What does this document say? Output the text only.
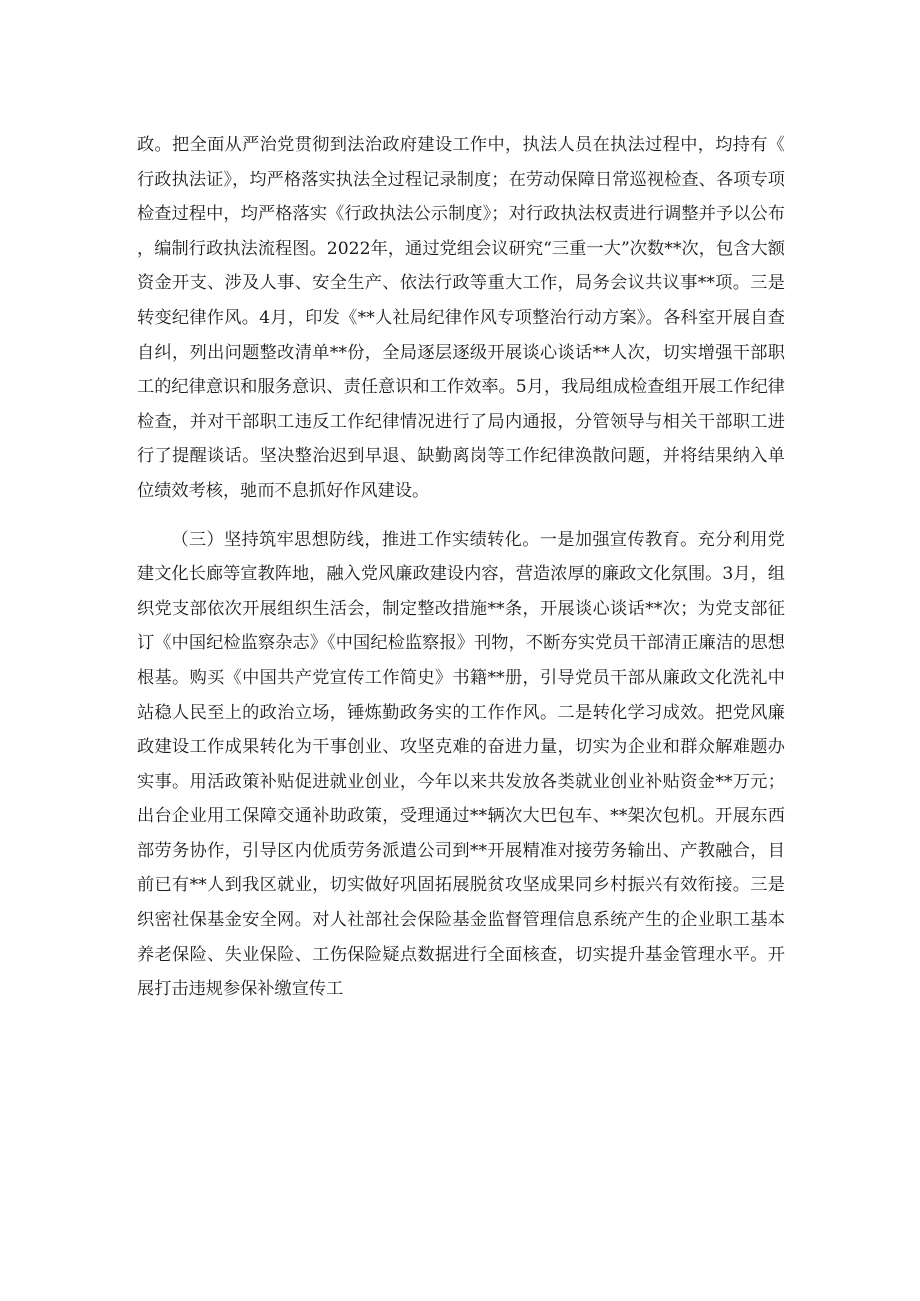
政。把全面从严治党贯彻到法治政府建设工作中，执法人员在执法过程中，均持有《行政执法证》，均严格落实执法全过程记录制度；在劳动保障日常巡视检查、各项专项检查过程中，均严格落实《行政执法公示制度》；对行政执法权责进行调整并予以公布，编制行政执法流程图。2022年，通过党组会议研究“三重一大”次数**次，包含大额资金开支、涉及人事、安全生产、依法行政等重大工作，局务会议共议事**项。三是转变纪律作风。4月，印发《**人社局纪律作风专项整治行动方案》。各科室开展自查自纠，列出问题整改清单**份，全局逐层逐级开展谈心谈话**人次，切实增强干部职工的纪律意识和服务意识、责任意识和工作效率。5月，我局组成检查组开展工作纪律检查，并对干部职工违反工作纪律情况进行了局内通报，分管领导与相关干部职工进行了提醒谈话。坚决整治迟到早退、缺勤离岗等工作纪律涣散问题，并将结果纳入单位绩效考核，驰而不息抓好作风建设。

（三）坚持筑牢思想防线，推进工作实绩转化。一是加强宣传教育。充分利用党建文化长廊等宣教阵地，融入党风廉政建设内容，营造浓厚的廉政文化氛围。3月，组织党支部依次开展组织生活会，制定整改措施**条，开展谈心谈话**次；为党支部征订《中国纪检监察杂志》《中国纪检监察报》刊物，不断夯实党员干部清正廉洁的思想根基。购买《中国共产党宣传工作简史》书籍**册，引导党员干部从廉政文化洗礼中站稳人民至上的政治立场，锤炼勤政务实的工作作风。二是转化学习成效。把党风廉政建设工作成果转化为干事创业、攻坚克难的奋进力量，切实为企业和群众解难题办实事。用活政策补贴促进就业创业，今年以来共发放各类就业创业补贴资金**万元；出台企业用工保障交通补助政策，受理通过**辆次大巴包车、**架次包机。开展东西部劳务协作，引导区内优质劳务派遣公司到**开展精准对接劳务输出、产教融合，目前已有**人到我区就业，切实做好巩固拓展脱贫攻坚成果同乡村振兴有效衔接。三是织密社保基金安全网。对人社部社会保险基金监督管理信息系统产生的企业职工基本养老保险、失业保险、工伤保险疑点数据进行全面核查，切实提升基金管理水平。开展打击违规参保补缴宣传工
